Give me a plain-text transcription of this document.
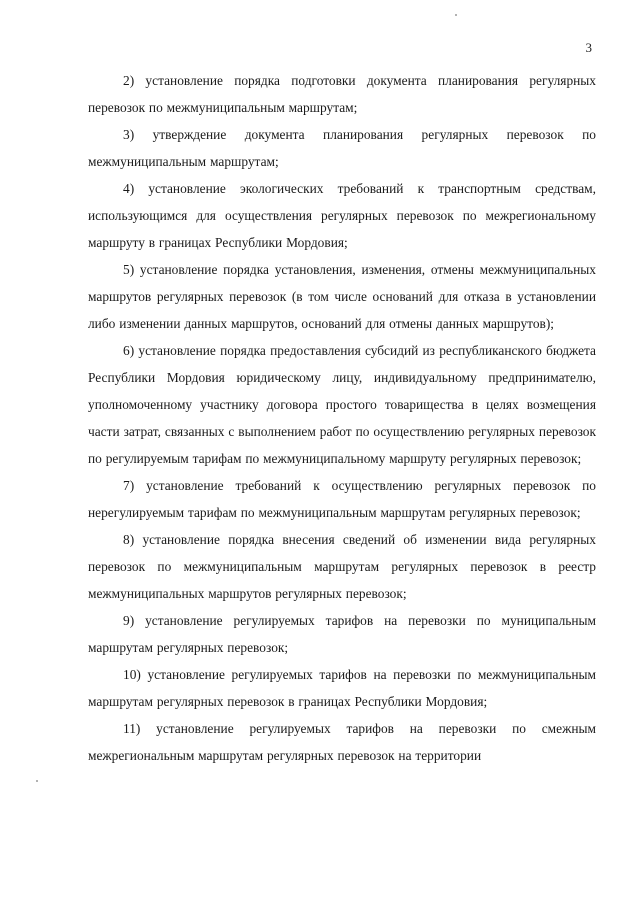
3

2) установление порядка подготовки документа планирования регулярных перевозок по межмуниципальным маршрутам;

3) утверждение документа планирования регулярных перевозок по межмуниципальным маршрутам;

4) установление экологических требований к транспортным средствам, использующимся для осуществления регулярных перевозок по межрегиональному маршруту в границах Республики Мордовия;

5) установление порядка установления, изменения, отмены межмуниципальных маршрутов регулярных перевозок (в том числе оснований для отказа в установлении либо изменении данных маршрутов, оснований для отмены данных маршрутов);

6) установление порядка предоставления субсидий из республиканского бюджета Республики Мордовия юридическому лицу, индивидуальному предпринимателю, уполномоченному участнику договора простого товарищества в целях возмещения части затрат, связанных с выполнением работ по осуществлению регулярных перевозок по регулируемым тарифам по межмуниципальному маршруту регулярных перевозок;

7) установление требований к осуществлению регулярных перевозок по нерегулируемым тарифам по межмуниципальным маршрутам регулярных перевозок;

8) установление порядка внесения сведений об изменении вида регулярных перевозок по межмуниципальным маршрутам регулярных перевозок в реестр межмуниципальных маршрутов регулярных перевозок;

9) установление регулируемых тарифов на перевозки по муниципальным маршрутам регулярных перевозок;

10) установление регулируемых тарифов на перевозки по межмуниципальным маршрутам регулярных перевозок в границах Республики Мордовия;

11) установление регулируемых тарифов на перевозки по смежным межрегиональным маршрутам регулярных перевозок на территории
